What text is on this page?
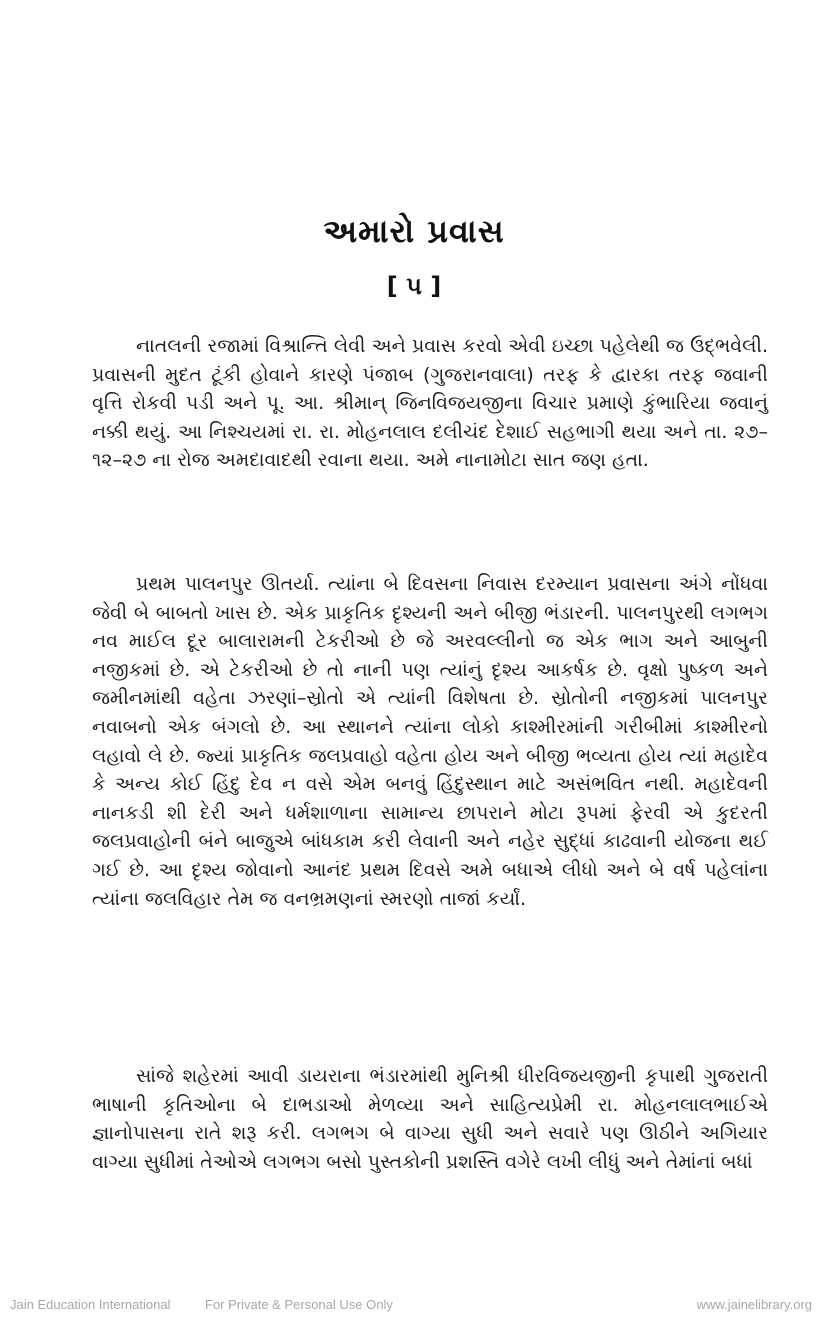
અમારો પ્રવાસ
[ ૫ ]

નાતલની રજામાં વિશ્રાન્તિ લેવી અને પ્રવાસ કરવો એવી ઇચ્છા પહેલેથી જ ઉદ્ભવેલી. પ્રવાસની મુદત ટૂંકી હોવાને કારણે પંજાબ (ગુજરાનવાલા) તરફ કે દ્વારકા તરફ જવાની વૃત્તિ રોકવી પડી અને પૂ. આ. શ્રીમાન્ જિનવિજયજીના વિચાર પ્રમાણે કુંભારિયા જવાનું નક્કી થયું. આ નિશ્ચયમાં રા. રા. મોહનલાલ દલીચંદ દેશાઈ સહભાગી થયા અને તા. ૨૭–૧૨–૨૭ ના રોજ અમદાવાદથી રવાના થયા. અમે નાનામોટા સાત જણ હતા.

પ્રથમ પાલનપુર ઊતર્યા. ત્યાંના બે દિવસના નિવાસ દરમ્યાન પ્રવાસના અંગે નોંધવા જેવી બે બાબતો ખાસ છે. એક પ્રાકૃતિક દૃશ્યની અને બીજી ભંડારની. પાલનપુરથી લગભગ નવ માઈલ દૂર બાલારામની ટેકરીઓ છે જે અરવલ્લીનો જ એક ભાગ અને આબુની નજીકમાં છે. એ ટેકરીઓ છે તો નાની પણ ત્યાંનું દૃશ્ય આકર્ષક છે. વૃક્ષો પુષ્કળ અને જમીનમાંથી વહેતા ઝરણાં–સ્રોતો એ ત્યાંની વિશેષતા છે. સ્રોતોની નજીકમાં પાલનપુર નવાબનો એક બંગલો છે. આ સ્થાનને ત્યાંના લોકો કાશ્મીરમાંની ગરીબીમાં કાશ્મીરનો લહાવો લે છે. જ્યાં પ્રાકૃતિક જલપ્રવાહો વહેતા હોય અને બીજી ભવ્યતા હોય ત્યાં મહાદેવ કે અન્ય કોઈ હિંદુ દેવ ન વસે એમ બનવું હિંદુસ્થાન માટે અસંભવિત નથી. મહાદેવની નાનકડી શી દેરી અને ધર્મશાળાના સામાન્ય છાપરાને મોટા રૂપમાં ફેરવી એ કુદરતી જલપ્રવાહોની બંને બાજુએ બાંધકામ કરી લેવાની અને નહેર સુદ્ધાં કાઢવાની યોજના થઈ ગઈ છે. આ દૃશ્ય જોવાનો આનંદ પ્રથમ દિવસે અમે બધાએ લીધો અને બે વર્ષ પહેલાંના ત્યાંના જલવિહાર તેમ જ વનભ્રમણનાં સ્મરણો તાજાં કર્યાં.

સાંજે શહેરમાં આવી ડાયરાના ભંડારમાંથી મુનિશ્રી ધીરવિજયજીની કૃપાથી ગુજરાતી ભાષાની કૃતિઓના બે દાભડાઓ મેળવ્યા અને સાહિત્યપ્રેમી રા. મોહનલાલભાઈએ જ્ઞાનોપાસના રાતે શરૂ કરી. લગભગ બે વાગ્યા સુધી અને સવારે પણ ઊઠીને અગિયાર વાગ્યા સુધીમાં તેઓએ લગભગ બસો પુસ્તકોની પ્રશસ્તિ વગેરે લખી લીધું અને તેમાંનાં બધાં

Jain Education International	For Private & Personal Use Only	www.jainelibrary.org
